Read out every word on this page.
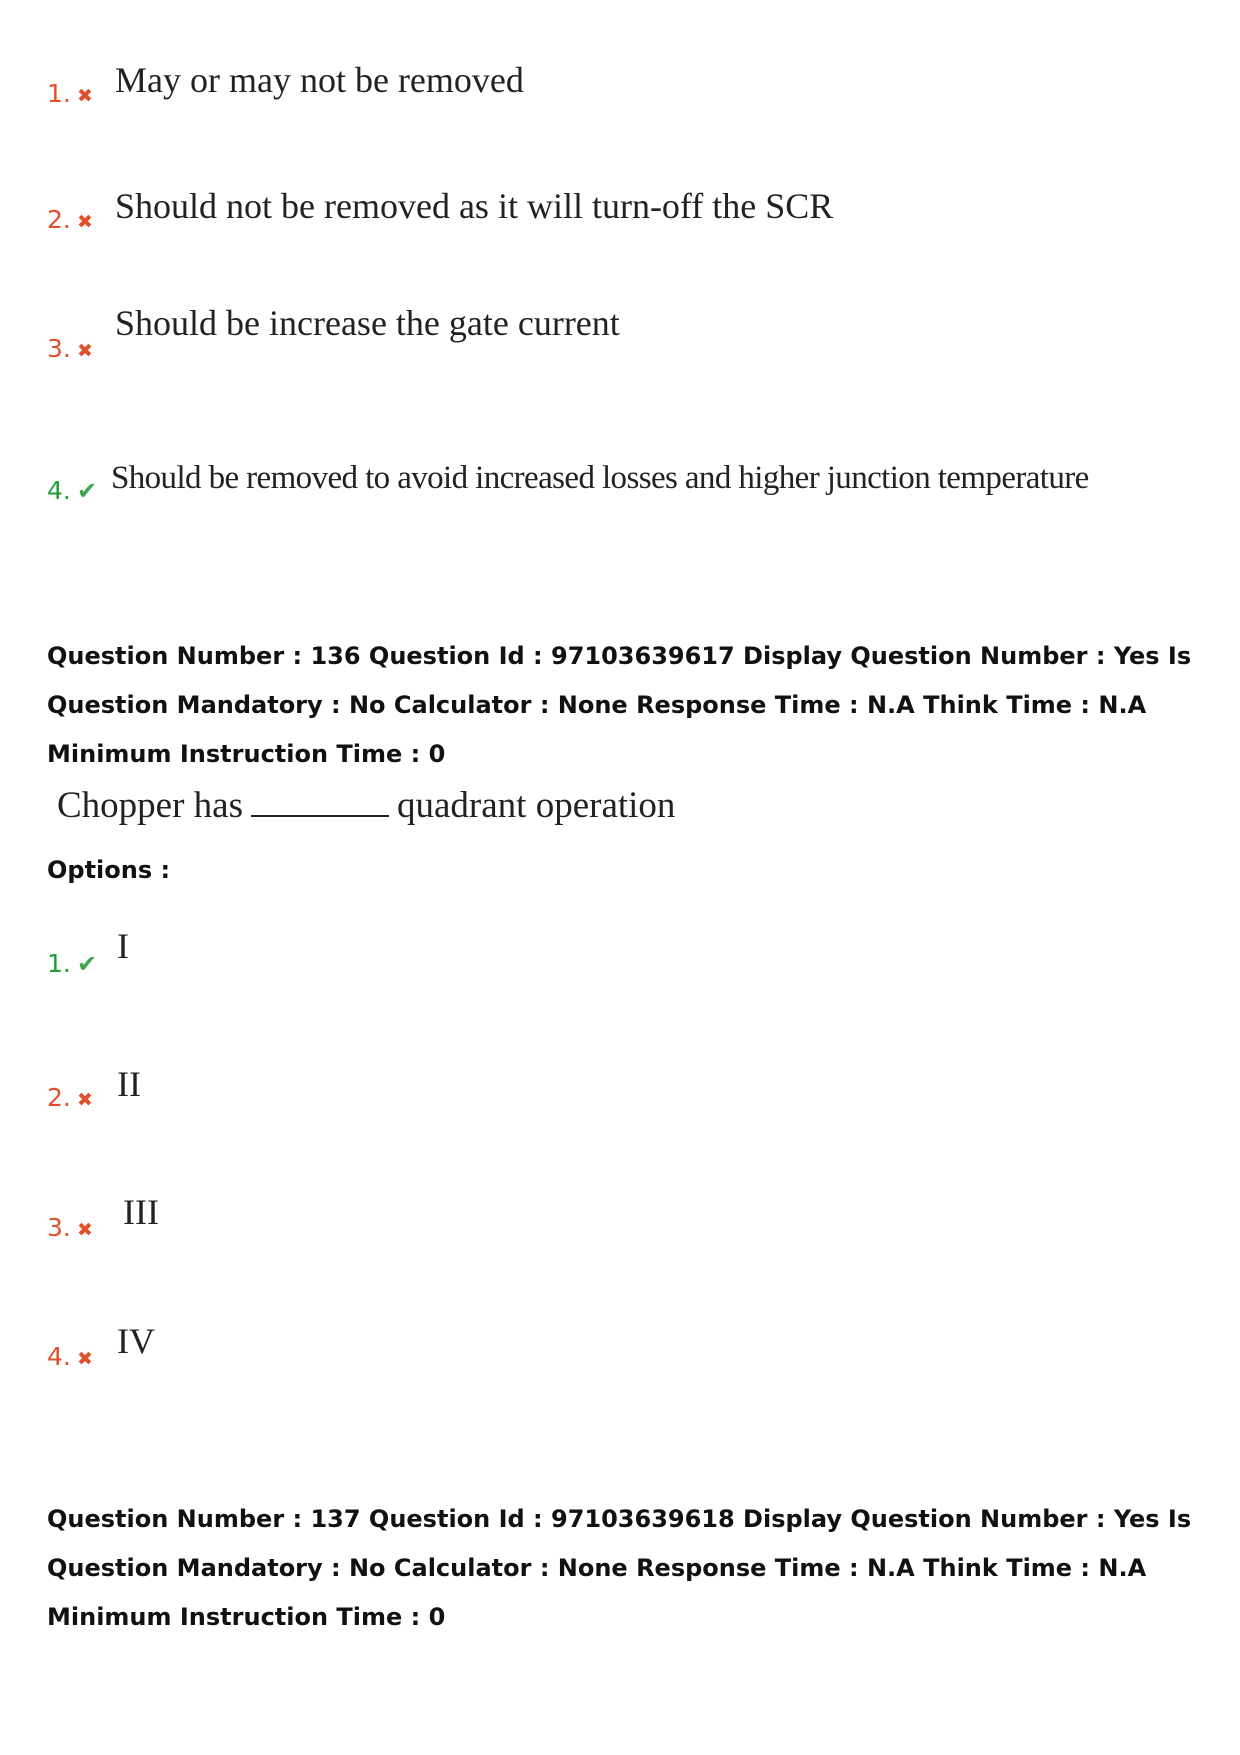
1. ✖ May or may not be removed
2. ✖ Should not be removed as it will turn-off the SCR
3. ✖
Should be increase the gate current
4. ✔ Should be removed to avoid increased losses and higher junction temperature
Question Number : 136 Question Id : 97103639617 Display Question Number : Yes Is Question Mandatory : No Calculator : None Response Time : N.A Think Time : N.A Minimum Instruction Time : 0
Chopper has	quadrant operation
Options :
1. ✔ I
2. ✖ II
3. ✖ III
4. ✖ IV
Question Number : 137 Question Id : 97103639618 Display Question Number : Yes Is Question Mandatory : No Calculator : None Response Time : N.A Think Time : N.A Minimum Instruction Time : 0
